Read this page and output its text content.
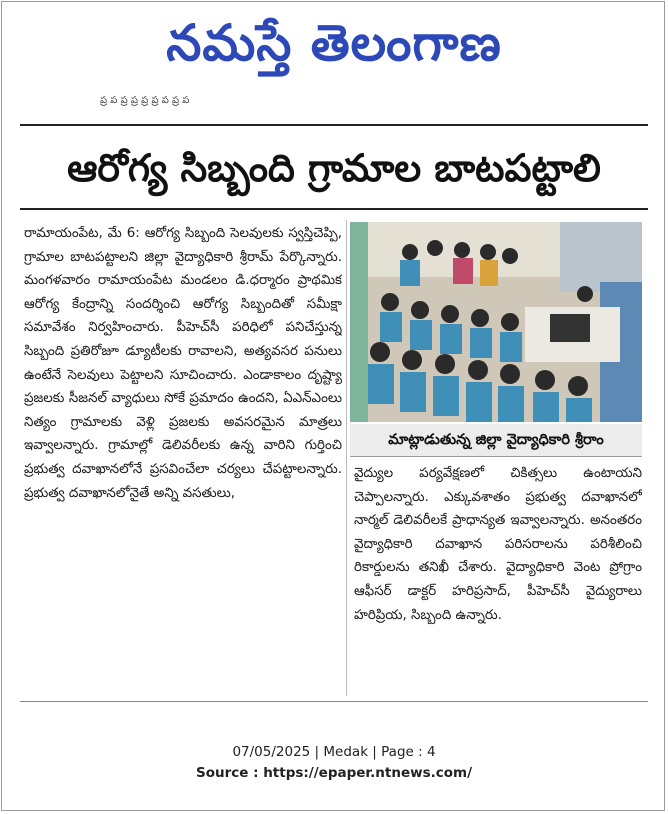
నమస్తే తెలంగాణ
ప్ర ప ప్ర ప్ర ప్ర ప్ర ప ప్ర ప
ఆరోగ్య సిబ్బంది గ్రామాల బాటపట్టాలి

రామాయంపేట, మే 6: ఆరోగ్య సిబ్బంది సెలవులకు స్వస్తిచెప్పి, గ్రామాల బాటపట్టాలని జిల్లా వైద్యాధికారి శ్రీరామ్ పేర్కొన్నారు. మంగళవారం రామాయంపేట మండలం డి.ధర్మారం ప్రాథమిక ఆరోగ్య కేంద్రాన్ని సందర్శించి ఆరోగ్య సిబ్బందితో సమీక్షా సమావేశం నిర్వహించారు. పీహెచ్‌సీ పరిధిలో పనిచేస్తున్న సిబ్బంది ప్రతిరోజూ డ్యూటీలకు రావాలని, అత్యవసర పనులు ఉంటేనే సెలవులు పెట్టాలని సూచించారు. ఎండాకాలం దృష్ట్యా ప్రజలకు సీజనల్ వ్యాధులు సోకే ప్రమాదం ఉందని, ఏఎన్ఎంలు నిత్యం గ్రామాలకు వెళ్లి ప్రజలకు అవసరమైన మాత్రలు ఇవ్వాలన్నారు. గ్రామాల్లో డెలివరీలకు ఉన్న వారిని గుర్తించి ప్రభుత్వ దవాఖానలోనే ప్రసవించేలా చర్యలు చేపట్టాలన్నారు. ప్రభుత్వ దవాఖానలోనైతే అన్ని వసతులు,

మాట్లాడుతున్న జిల్లా వైద్యాధికారి శ్రీరాం

వైద్యుల పర్యవేక్షణలో చికిత్సలు ఉంటాయని చెప్పాలన్నారు. ఎక్కువశాతం ప్రభుత్వ దవాఖానలో నార్మల్ డెలివరీలకే ప్రాధాన్యత ఇవ్వాలన్నారు. అనంతరం వైద్యాధికారి దవాఖాన పరిసరాలను పరిశీలించి రికార్డులను తనిఖీ చేశారు. వైద్యాధికారి వెంట ప్రోగ్రాం ఆఫీసర్ డాక్టర్ హరిప్రసాద్, పీహెచ్‌సీ వైద్యురాలు హరిప్రియ, సిబ్బంది ఉన్నారు.

07/05/2025 | Medak | Page : 4
Source : https://epaper.ntnews.com/
